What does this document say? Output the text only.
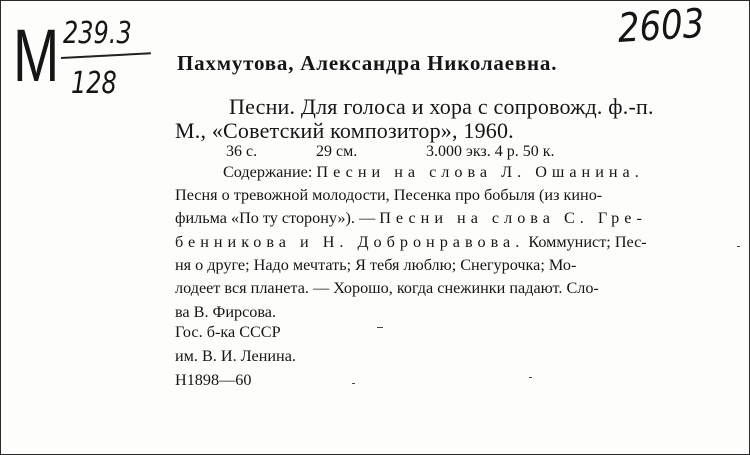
М 239.3
128
2603
Пахмутова, Александра Николаевна.
Песни. Для голоса и хора с сопровожд. ф.-п.
М., «Советский композитор», 1960.
36 с.	29 см.	3.000 экз. 4 р. 50 к.
Содержание: Песни на слова Л. Ошанина.
Песня о тревожной молодости, Песенка про бобыля (из кино-
фильма «По ту сторону»). — Песни на слова С. Гре-
бенникова и Н. Добронравова. Коммунист; Пес-
ня о друге; Надо мечтать; Я тебя люблю; Снегурочка; Мо-
лодеет вся планета. — Хорошо, когда снежинки падают. Сло-
ва В. Фирсова.
Гос. б-ка СССР
им. В. И. Ленина.
Н1898—60
